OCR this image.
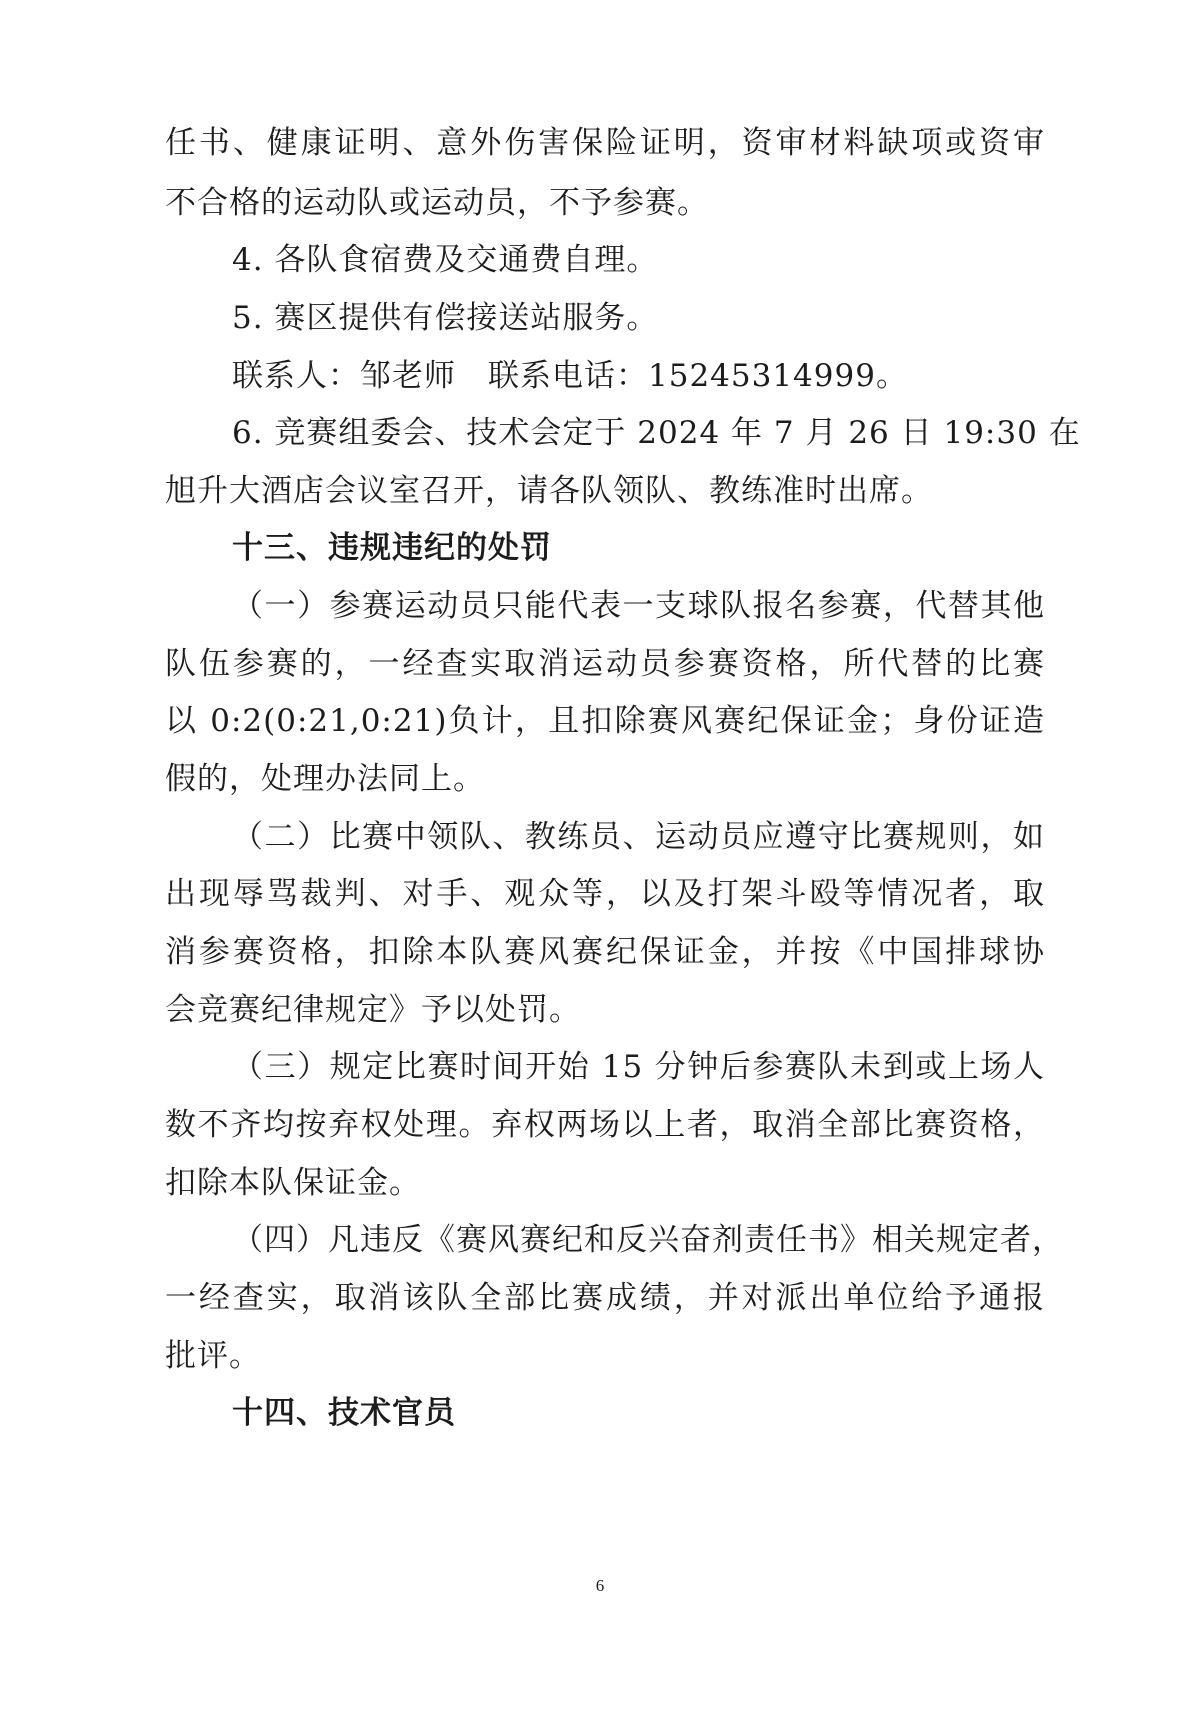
任书、健康证明、意外伤害保险证明，资审材料缺项或资审
不合格的运动队或运动员，不予参赛。
4. 各队食宿费及交通费自理。
5. 赛区提供有偿接送站服务。
联系人：邹老师　联系电话：15245314999。
6. 竞赛组委会、技术会定于 2024 年 7 月 26 日 19:30 在
旭升大酒店会议室召开，请各队领队、教练准时出席。
十三、违规违纪的处罚
（一）参赛运动员只能代表一支球队报名参赛，代替其他
队伍参赛的，一经查实取消运动员参赛资格，所代替的比赛
以 0:2(0:21,0:21)负计，且扣除赛风赛纪保证金；身份证造
假的，处理办法同上。
（二）比赛中领队、教练员、运动员应遵守比赛规则，如
出现辱骂裁判、对手、观众等，以及打架斗殴等情况者，取
消参赛资格，扣除本队赛风赛纪保证金，并按《中国排球协
会竞赛纪律规定》予以处罚。
（三）规定比赛时间开始 15 分钟后参赛队未到或上场人
数不齐均按弃权处理。弃权两场以上者，取消全部比赛资格，
扣除本队保证金。
（四）凡违反《赛风赛纪和反兴奋剂责任书》相关规定者，
一经查实，取消该队全部比赛成绩，并对派出单位给予通报
批评。
十四、技术官员
6
